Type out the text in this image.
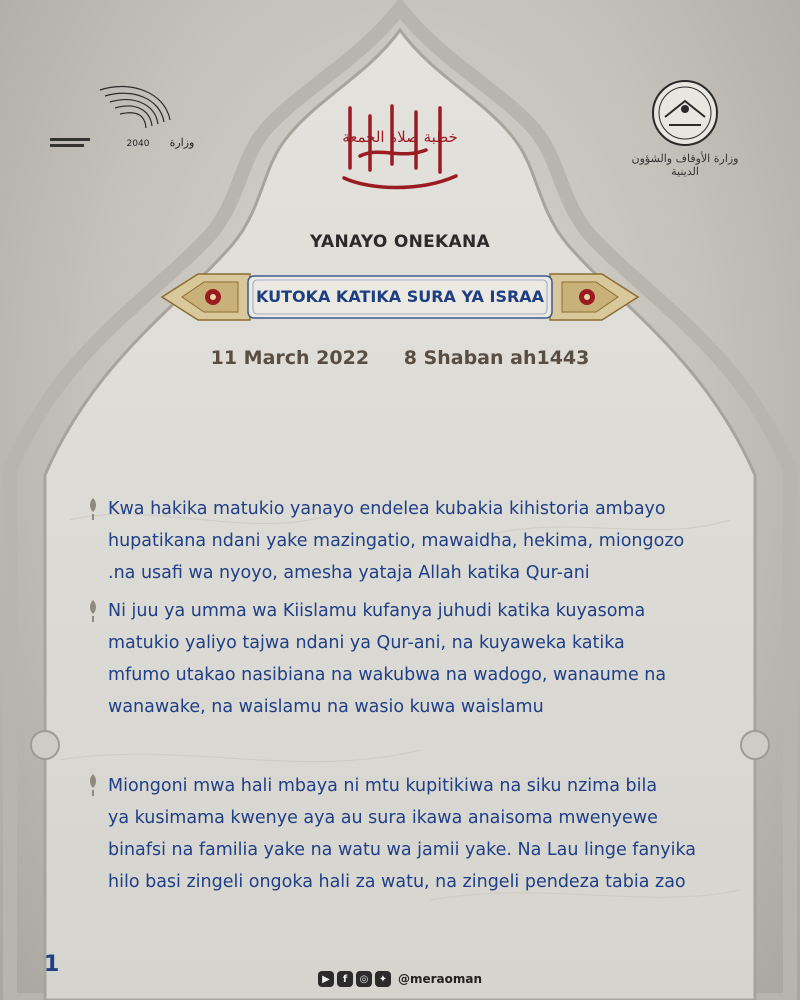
وزارة
2040
وزارة الأوقاف والشؤون الدينية
خطبة صلاة الجمعة
YANAYO ONEKANA
KUTOKA KATIKA SURA YA ISRAA
11 March 2022 8 Shaban ah1443

Kwa hakika matukio yanayo endelea kubakia kihistoria ambayo

hupatikana ndani yake mazingatio, mawaidha, hekima, miongozo

.na usafi wa nyoyo, amesha yataja Allah katika Qur-ani

Ni juu ya umma wa Kiislamu kufanya juhudi katika kuyasoma

matukio yaliyo tajwa ndani ya Qur-ani, na kuyaweka katika

mfumo utakao nasibiana na wakubwa na wadogo, wanaume na

wanawake, na waislamu na wasio kuwa waislamu

Miongoni mwa hali mbaya ni mtu kupitikiwa na siku nzima bila

ya kusimama kwenye aya au sura ikawa anaisoma mwenyewe

binafsi na familia yake na watu wa jamii yake. Na Lau linge fanyika

hilo basi zingeli ongoka hali za watu, na zingeli pendeza tabia zao

1
▶	f	◎	✦ @meraoman
